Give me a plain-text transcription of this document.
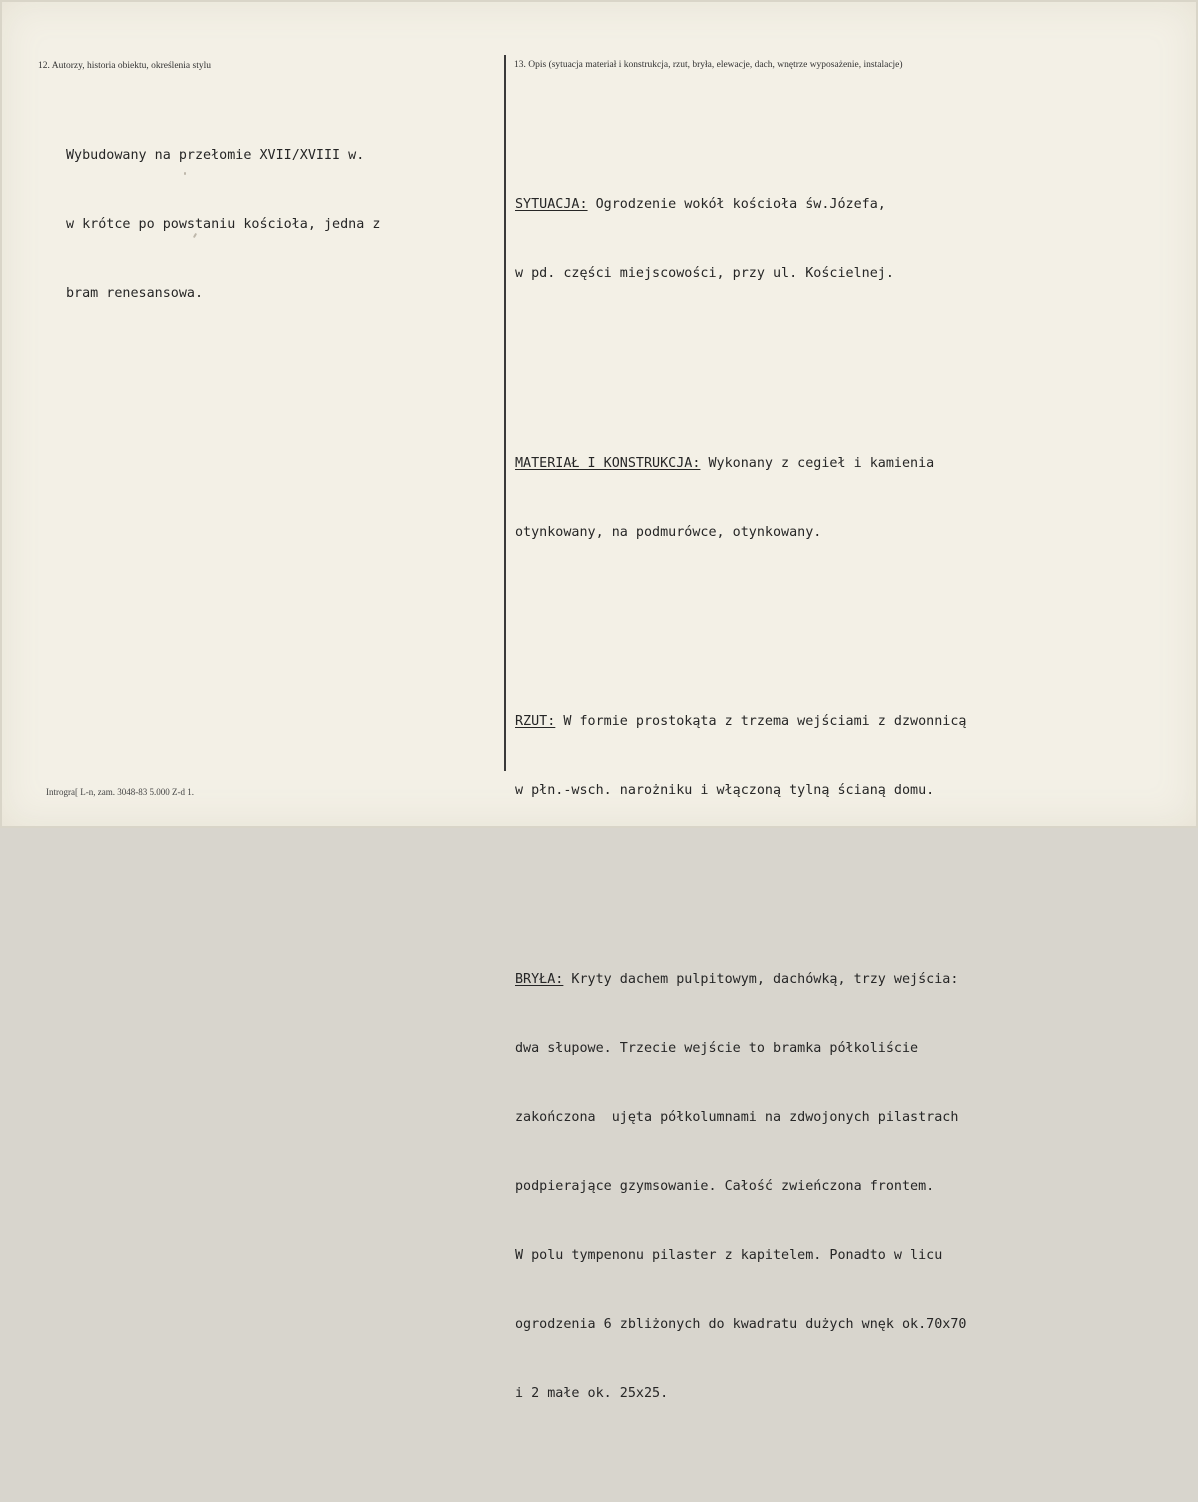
12. Autorzy, historia obiektu, określenia stylu	13. Opis (sytuacja materiał i konstrukcja, rzut, bryła, elewacje, dach, wnętrze wyposażenie, instalacje)

Wybudowany na przełomie XVII/XVIII w.

w krótce po powstaniu kościoła, jedna z

bram renesansowa.

SYTUACJA: Ogrodzenie wokół kościoła św.Józefa,

w pd. części miejscowości, przy ul. Kościelnej.

MATERIAŁ I KONSTRUKCJA: Wykonany z cegieł i kamienia

otynkowany, na podmurówce, otynkowany.

RZUT: W formie prostokąta z trzema wejściami z dzwonnicą

w płn.-wsch. narożniku i włączoną tylną ścianą domu.

BRYŁA: Kryty dachem pulpitowym, dachówką, trzy wejścia:

dwa słupowe. Trzecie wejście to bramka półkoliście

zakończona  ujęta półkolumnami na zdwojonych pilastrach

podpierające gzymsowanie. Całość zwieńczona frontem.

W polu tympenonu pilaster z kapitelem. Ponadto w licu

ogrodzenia 6 zbliżonych do kwadratu dużych wnęk ok.70x70

i 2 małe ok. 25x25.

Introgra[ L-n, zam. 3048-83 5.000 Z-d 1.
